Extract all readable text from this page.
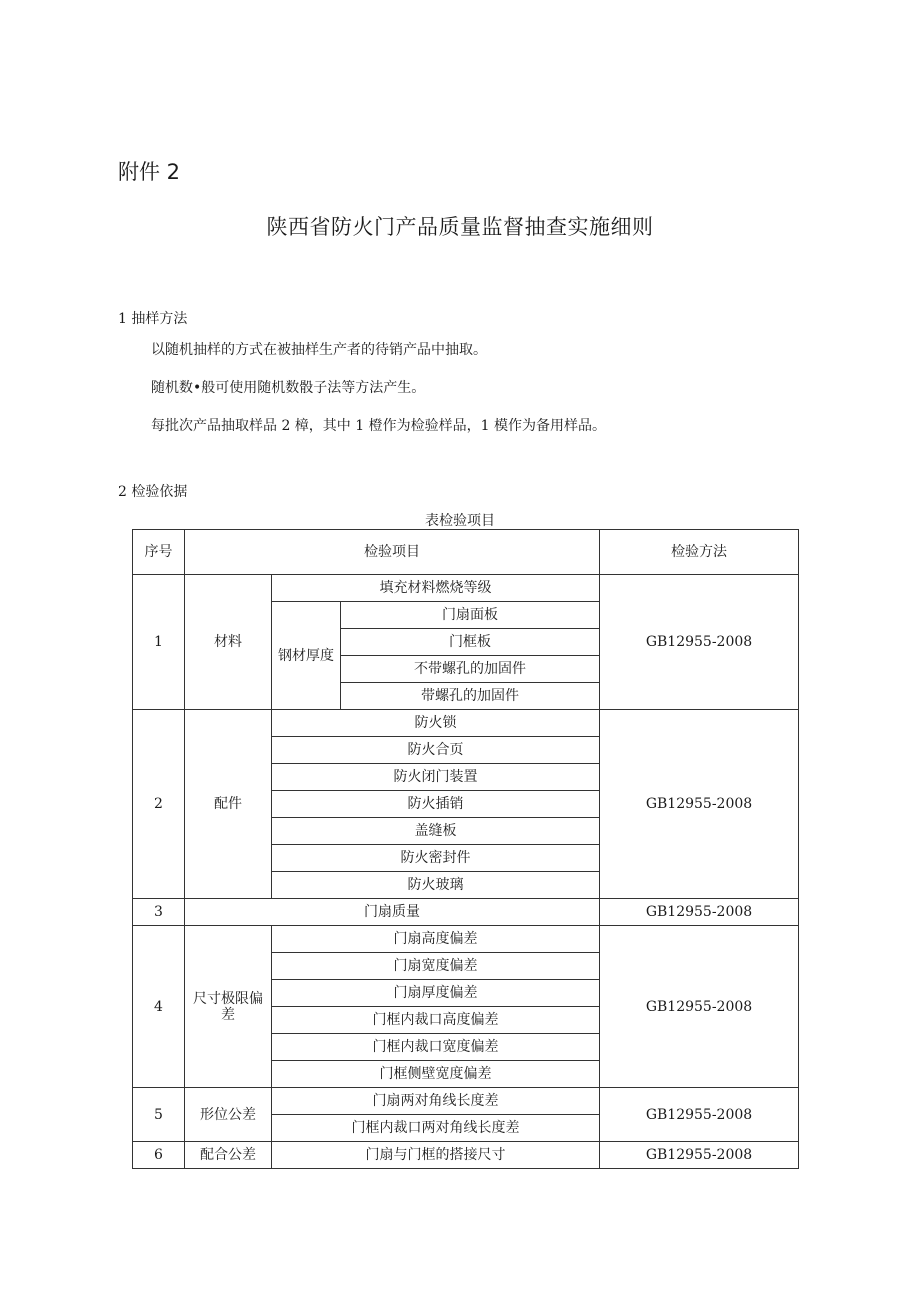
附件 2
陕西省防火门产品质量监督抽查实施细则
1 抽样方法
以随机抽样的方式在被抽样生产者的待销产品中抽取。
随机数•般可使用随机数骰子法等方法产生。
每批次产品抽取样品 2 樟，其中 1 橙作为检验样品，1 模作为备用样品。
2 检验依据
表检验项目
序号	检验项目			检验方法
1	材料	填充材料燃烧等级		GB12955-2008
		钢材厚度	门扇面板	
			门框板	
			不带螺孔的加固件	
			带螺孔的加固件	
2	配件	防火锁		GB12955-2008
		防火合页		
		防火闭门装置		
		防火插销		
		盖缝板		
		防火密封件		
		防火玻璃		
3	门扇质量			GB12955-2008
4	尺寸极限偏差	门扇高度偏差		GB12955-2008
		门扇宽度偏差		
		门扇厚度偏差		
		门框内裁口高度偏差		
		门框内裁口宽度偏差		
		门框侧壁宽度偏差		
5	形位公差	门扇两对角线长度差		GB12955-2008
		门框内裁口两对角线长度差		
6	配合公差	门扇与门框的搭接尺寸		GB12955-2008
